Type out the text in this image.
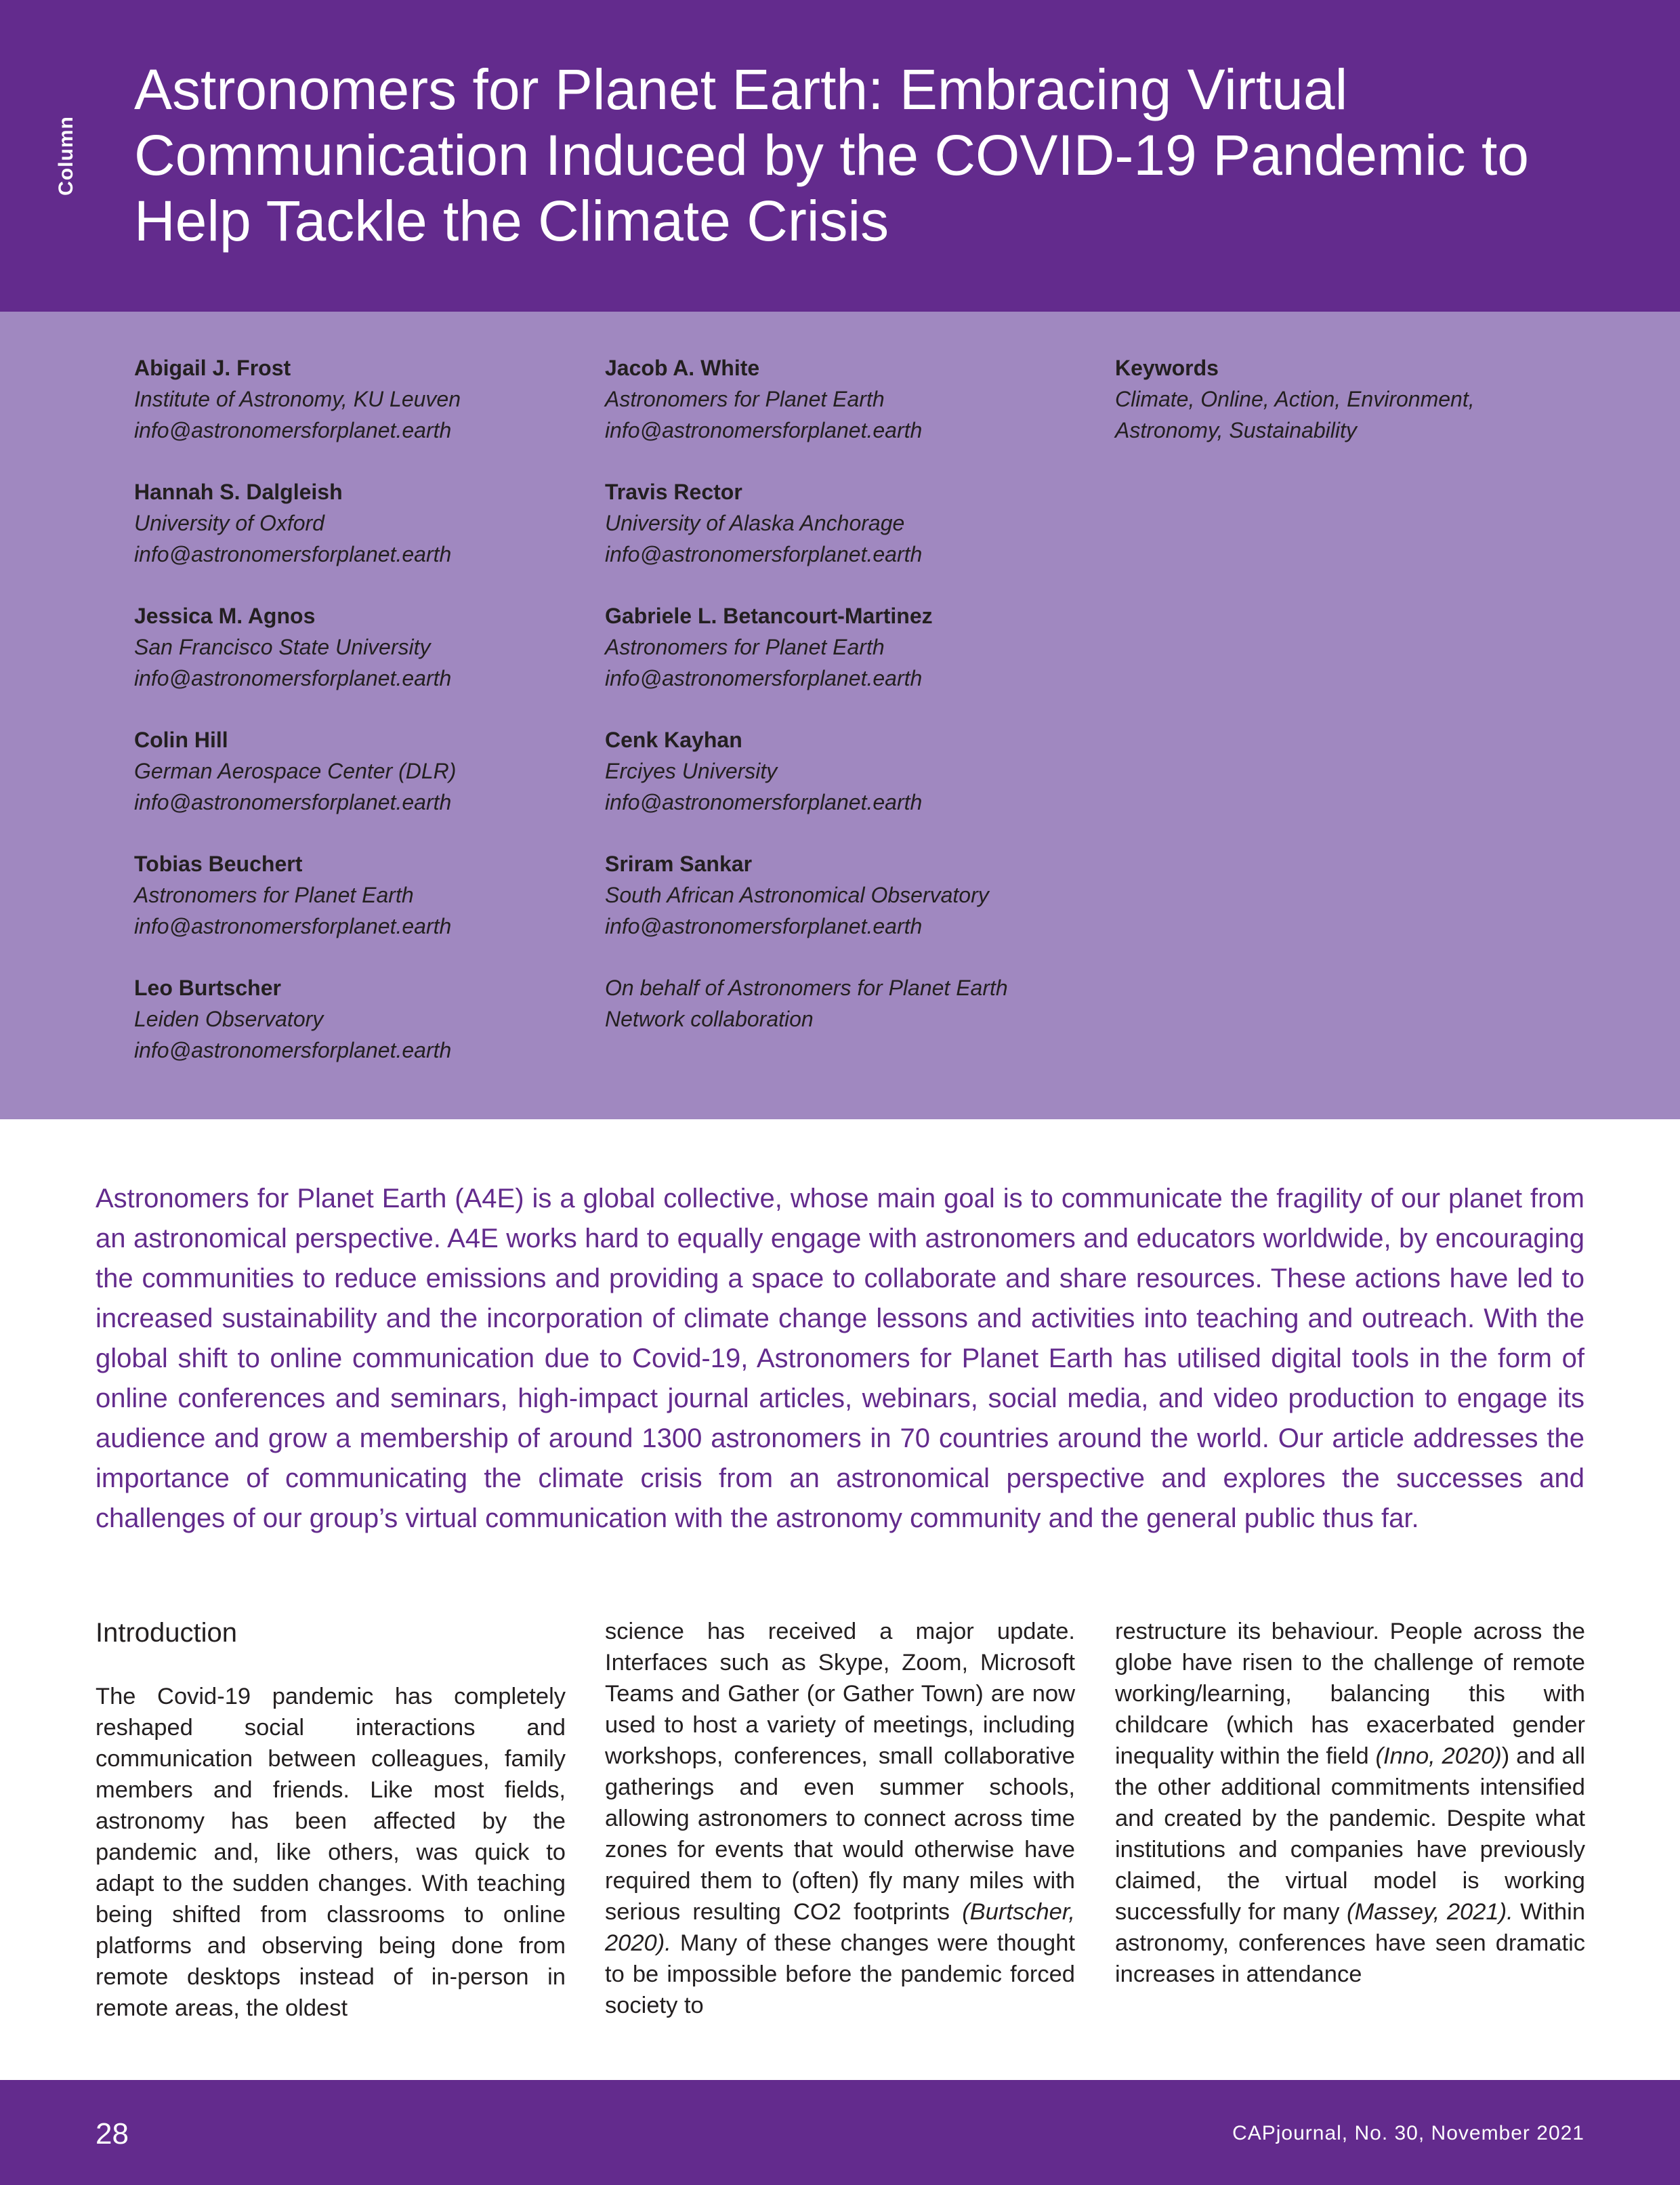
Column
Astronomers for Planet Earth: Embracing Virtual Communication Induced by the COVID-19 Pandemic to Help Tackle the Climate Crisis
Abigail J. Frost
Institute of Astronomy, KU Leuven
info@astronomersforplanet.earth
Hannah S. Dalgleish
University of Oxford
info@astronomersforplanet.earth
Jessica M. Agnos
San Francisco State University
info@astronomersforplanet.earth
Colin Hill
German Aerospace Center (DLR)
info@astronomersforplanet.earth
Tobias Beuchert
Astronomers for Planet Earth
info@astronomersforplanet.earth
Leo Burtscher
Leiden Observatory
info@astronomersforplanet.earth
Jacob A. White
Astronomers for Planet Earth
info@astronomersforplanet.earth
Travis Rector
University of Alaska Anchorage
info@astronomersforplanet.earth
Gabriele L. Betancourt-Martinez
Astronomers for Planet Earth
info@astronomersforplanet.earth
Cenk Kayhan
Erciyes University
info@astronomersforplanet.earth
Sriram Sankar
South African Astronomical Observatory
info@astronomersforplanet.earth
On behalf of Astronomers for Planet Earth
Network collaboration
Keywords
Climate, Online, Action, Environment,
Astronomy, Sustainability

Astronomers for Planet Earth (A4E) is a global collective, whose main goal is to communicate the fragility of our planet from an astronomical perspective. A4E works hard to equally engage with astronomers and educators worldwide, by encouraging the communities to reduce emissions and providing a space to collaborate and share resources. These actions have led to increased sustainability and the incorporation of climate change lessons and activities into teaching and outreach. With the global shift to online communication due to Covid-19, Astronomers for Planet Earth has utilised digital tools in the form of online conferences and seminars, high-impact journal articles, webinars, social media, and video production to engage its audience and grow a membership of around 1300 astronomers in 70 countries around the world. Our article addresses the importance of communicating the climate crisis from an astronomical perspective and explores the successes and challenges of our group’s virtual communication with the astronomy community and the general public thus far.

Introduction

The Covid-19 pandemic has completely reshaped social interactions and communication between colleagues, family members and friends. Like most fields, astronomy has been affected by the pandemic and, like others, was quick to adapt to the sudden changes. With teaching being shifted from classrooms to online platforms and observing being done from remote desktops instead of in-person in remote areas, the oldest

science has received a major update. Interfaces such as Skype, Zoom, Microsoft Teams and Gather (or Gather Town) are now used to host a variety of meetings, including workshops, conferences, small collaborative gatherings and even summer schools, allowing astronomers to connect across time zones for events that would otherwise have required them to (often) fly many miles with serious resulting CO2 footprints (Burtscher, 2020). Many of these changes were thought to be impossible before the pandemic forced society to

restructure its behaviour. People across the globe have risen to the challenge of remote working/learning, balancing this with childcare (which has exacerbated gender inequality within the field (Inno, 2020)) and all the other additional commitments intensified and created by the pandemic. Despite what institutions and companies have previously claimed, the virtual model is working successfully for many (Massey, 2021). Within astronomy, conferences have seen dramatic increases in attendance

28	CAPjournal, No. 30, November 2021
